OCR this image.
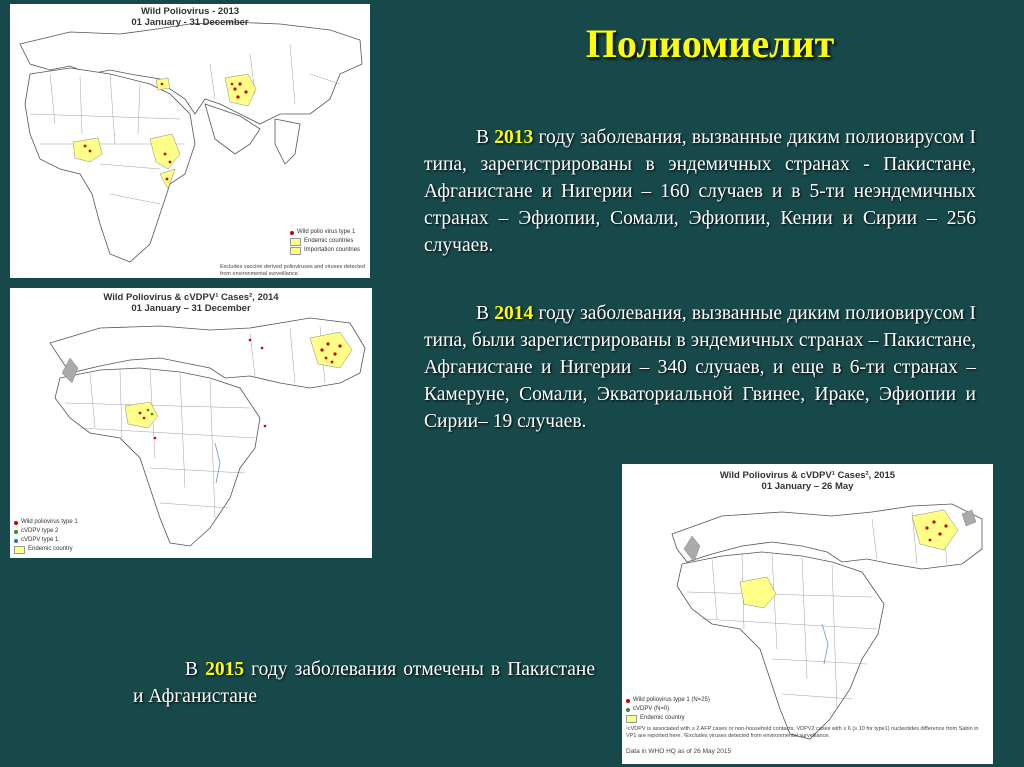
Полиомиелит
В 2013 году заболевания, вызванные диким полиовирусом I типа, зарегистрированы в эндемичных странах - Пакистане, Афганистане и Нигерии – 160 случаев и в 5-ти неэндемичных странах – Эфиопии, Сомали, Эфиопии, Кении и Сирии – 256 случаев.
В 2014 году заболевания, вызванные диким полиовирусом I типа, были зарегистрированы в эндемичных странах – Пакистане, Афганистане и Нигерии – 340 случаев, и еще в 6-ти странах – Камеруне, Сомали, Экваториальной Гвинее, Ираке, Эфиопии и Сирии– 19 случаев.
В 2015 году заболевания отмечены в Пакистане и Афганистане
Wild Poliovirus - 2013
01 January - 31 December
Wild polio virus type 1
Endemic countries
Importation countries
Excludes vaccine derived polioviruses and viruses detected from environmental surveillance.
Wild Poliovirus & cVDPV¹ Cases², 2014
01 January – 31 December
Wild poliovirus type 1
cVDPV type 2
cVDPV type 1
Endemic country
Wild Poliovirus & cVDPV¹ Cases², 2015
01 January – 26 May
Wild poliovirus type 1 (N=25)
cVDPV (N=0)
Endemic country
¹cVDPV is associated with ≥ 2 AFP cases or non-household contacts. VDPV2 cases with ≥ 6 (≥ 10 for type1) nucleotides difference from Sabin in VP1 are reported here. ²Excludes viruses detected from environmental surveillance.
Data in WHO HQ as of 26 May 2015
